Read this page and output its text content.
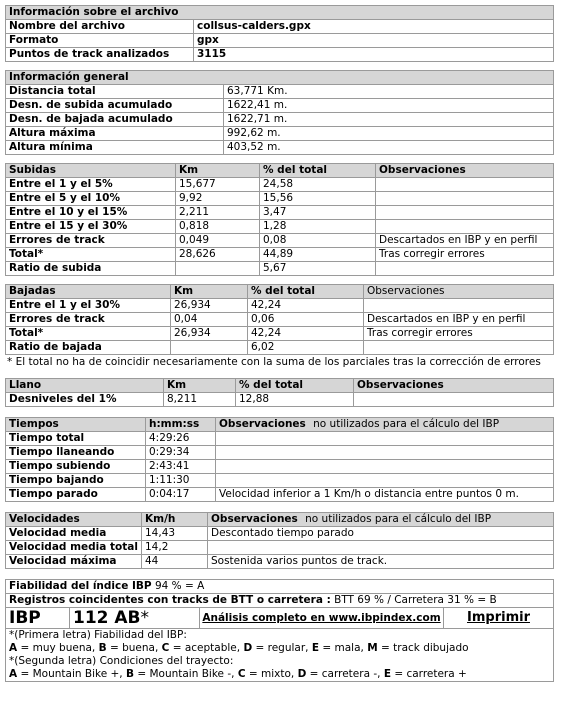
Información sobre el archivo	
Nombre del archivo	collsus-calders.gpx
Formato	gpx
Puntos de track analizados	3115
Información general	
Distancia total	63,771 Km.
Desn. de subida acumulado	1622,41 m.
Desn. de bajada acumulado	1622,71 m.
Altura máxima	992,62 m.
Altura mínima	403,52 m.
Subidas	Km	% del total	Observaciones
Entre el 1 y el 5%	15,677	24,58	
Entre el 5 y el 10%	9,92	15,56	
Entre el 10 y el 15%	2,211	3,47	
Entre el 15 y el 30%	0,818	1,28	
Errores de track	0,049	0,08	Descartados en IBP y en perfil
Total*	28,626	44,89	Tras corregir errores
Ratio de subida		5,67	
Bajadas	Km	% del total	Observaciones
Entre el 1 y el 30%	26,934	42,24	
Errores de track	0,04	0,06	Descartados en IBP y en perfil
Total*	26,934	42,24	Tras corregir errores
Ratio de bajada		6,02	
* El total no ha de coincidir necesariamente con la suma de los parciales tras la corrección de errores
Llano	Km	% del total	Observaciones
Desniveles del 1%	8,211	12,88	
Tiempos	h:mm:ss	Observaciones no utilizados para el cálculo del IBP
Tiempo total	4:29:26	
Tiempo llaneando	0:29:34	
Tiempo subiendo	2:43:41	
Tiempo bajando	1:11:30	
Tiempo parado	0:04:17	Velocidad inferior a 1 Km/h o distancia entre puntos 0 m.
Velocidades	Km/h	Observaciones no utilizados para el cálculo del IBP
Velocidad media	14,43	Descontado tiempo parado
Velocidad media total	14,2	
Velocidad máxima	44	Sostenida varios puntos de track.
Fiabilidad del índice IBP 94 % = A
Registros coincidentes con tracks de BTT o carretera : BTT 69 % / Carretera 31 % = B
IBP	112 AB*	Análisis completo en www.ibpindex.com	Imprimir

*(Primera letra) Fiabilidad del IBP:
A = muy buena, B = buena, C = aceptable, D = regular, E = mala, M = track dibujado
*(Segunda letra) Condiciones del trayecto:
A = Mountain Bike +, B = Mountain Bike -, C = mixto, D = carretera -, E = carretera +
